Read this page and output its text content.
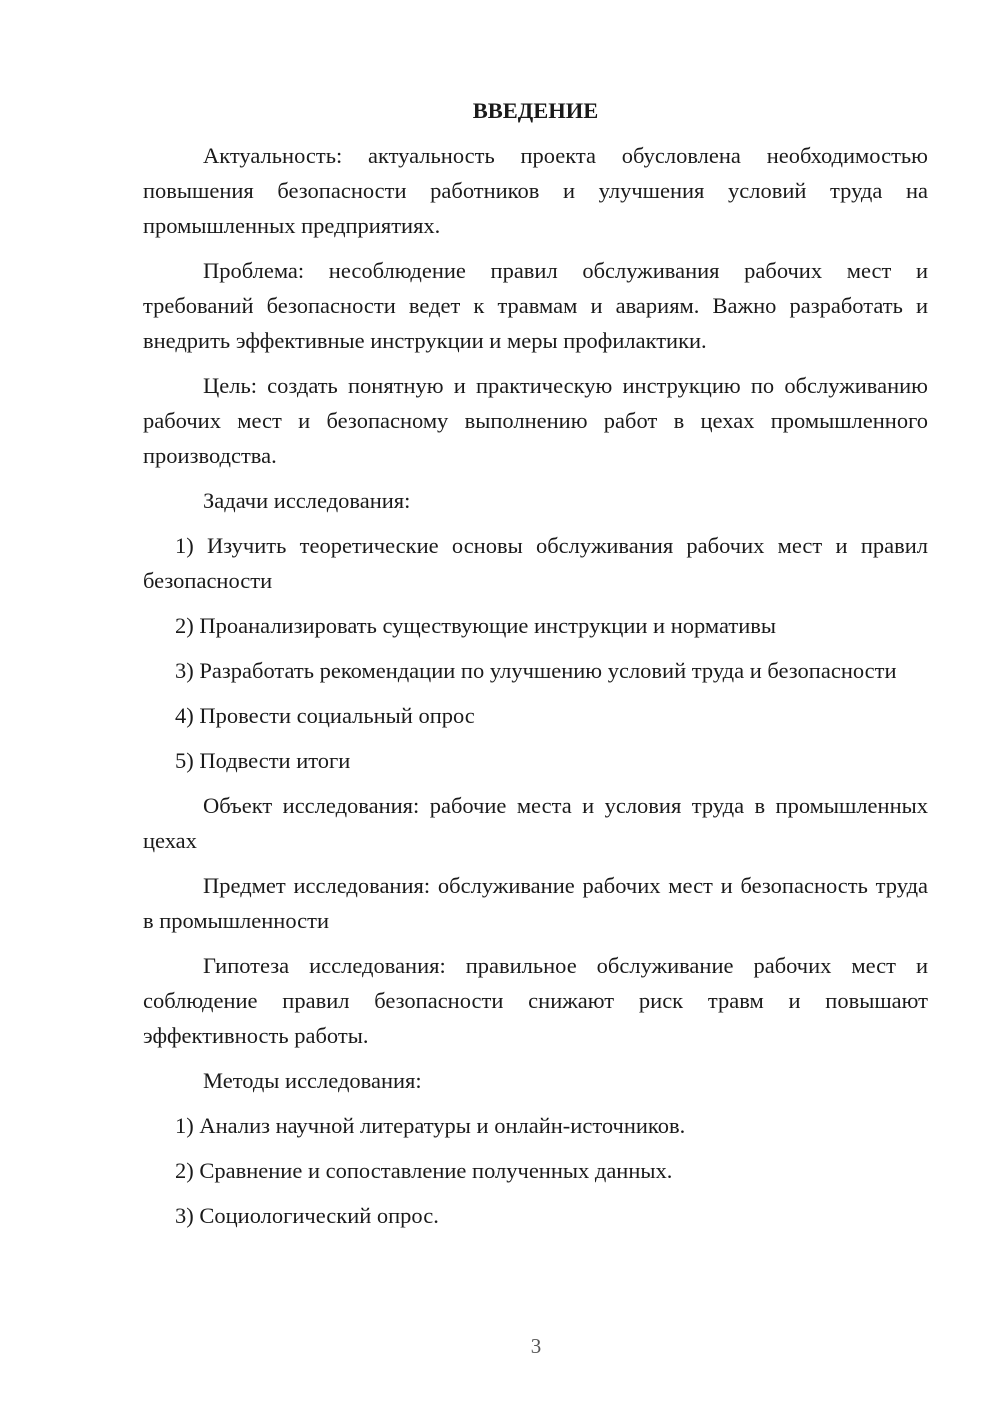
ВВЕДЕНИЕ
Актуальность: актуальность проекта обусловлена необходимостью повышения безопасности работников и улучшения условий труда на промышленных предприятиях.
Проблема: несоблюдение правил обслуживания рабочих мест и требований безопасности ведет к травмам и авариям. Важно разработать и внедрить эффективные инструкции и меры профилактики.
Цель: создать понятную и практическую инструкцию по обслуживанию рабочих мест и безопасному выполнению работ в цехах промышленного производства.
Задачи исследования:
1) Изучить теоретические основы обслуживания рабочих мест и правил безопасности
2) Проанализировать существующие инструкции и нормативы
3) Разработать рекомендации по улучшению условий труда и безопасности
4) Провести социальный опрос
5) Подвести итоги
Объект исследования: рабочие места и условия труда в промышленных цехах
Предмет исследования: обслуживание рабочих мест и безопасность труда в промышленности
Гипотеза исследования: правильное обслуживание рабочих мест и соблюдение правил безопасности снижают риск травм и повышают эффективность работы.
Методы исследования:
1) Анализ научной литературы и онлайн-источников.
2) Сравнение и сопоставление полученных данных.
3) Социологический опрос.
3
